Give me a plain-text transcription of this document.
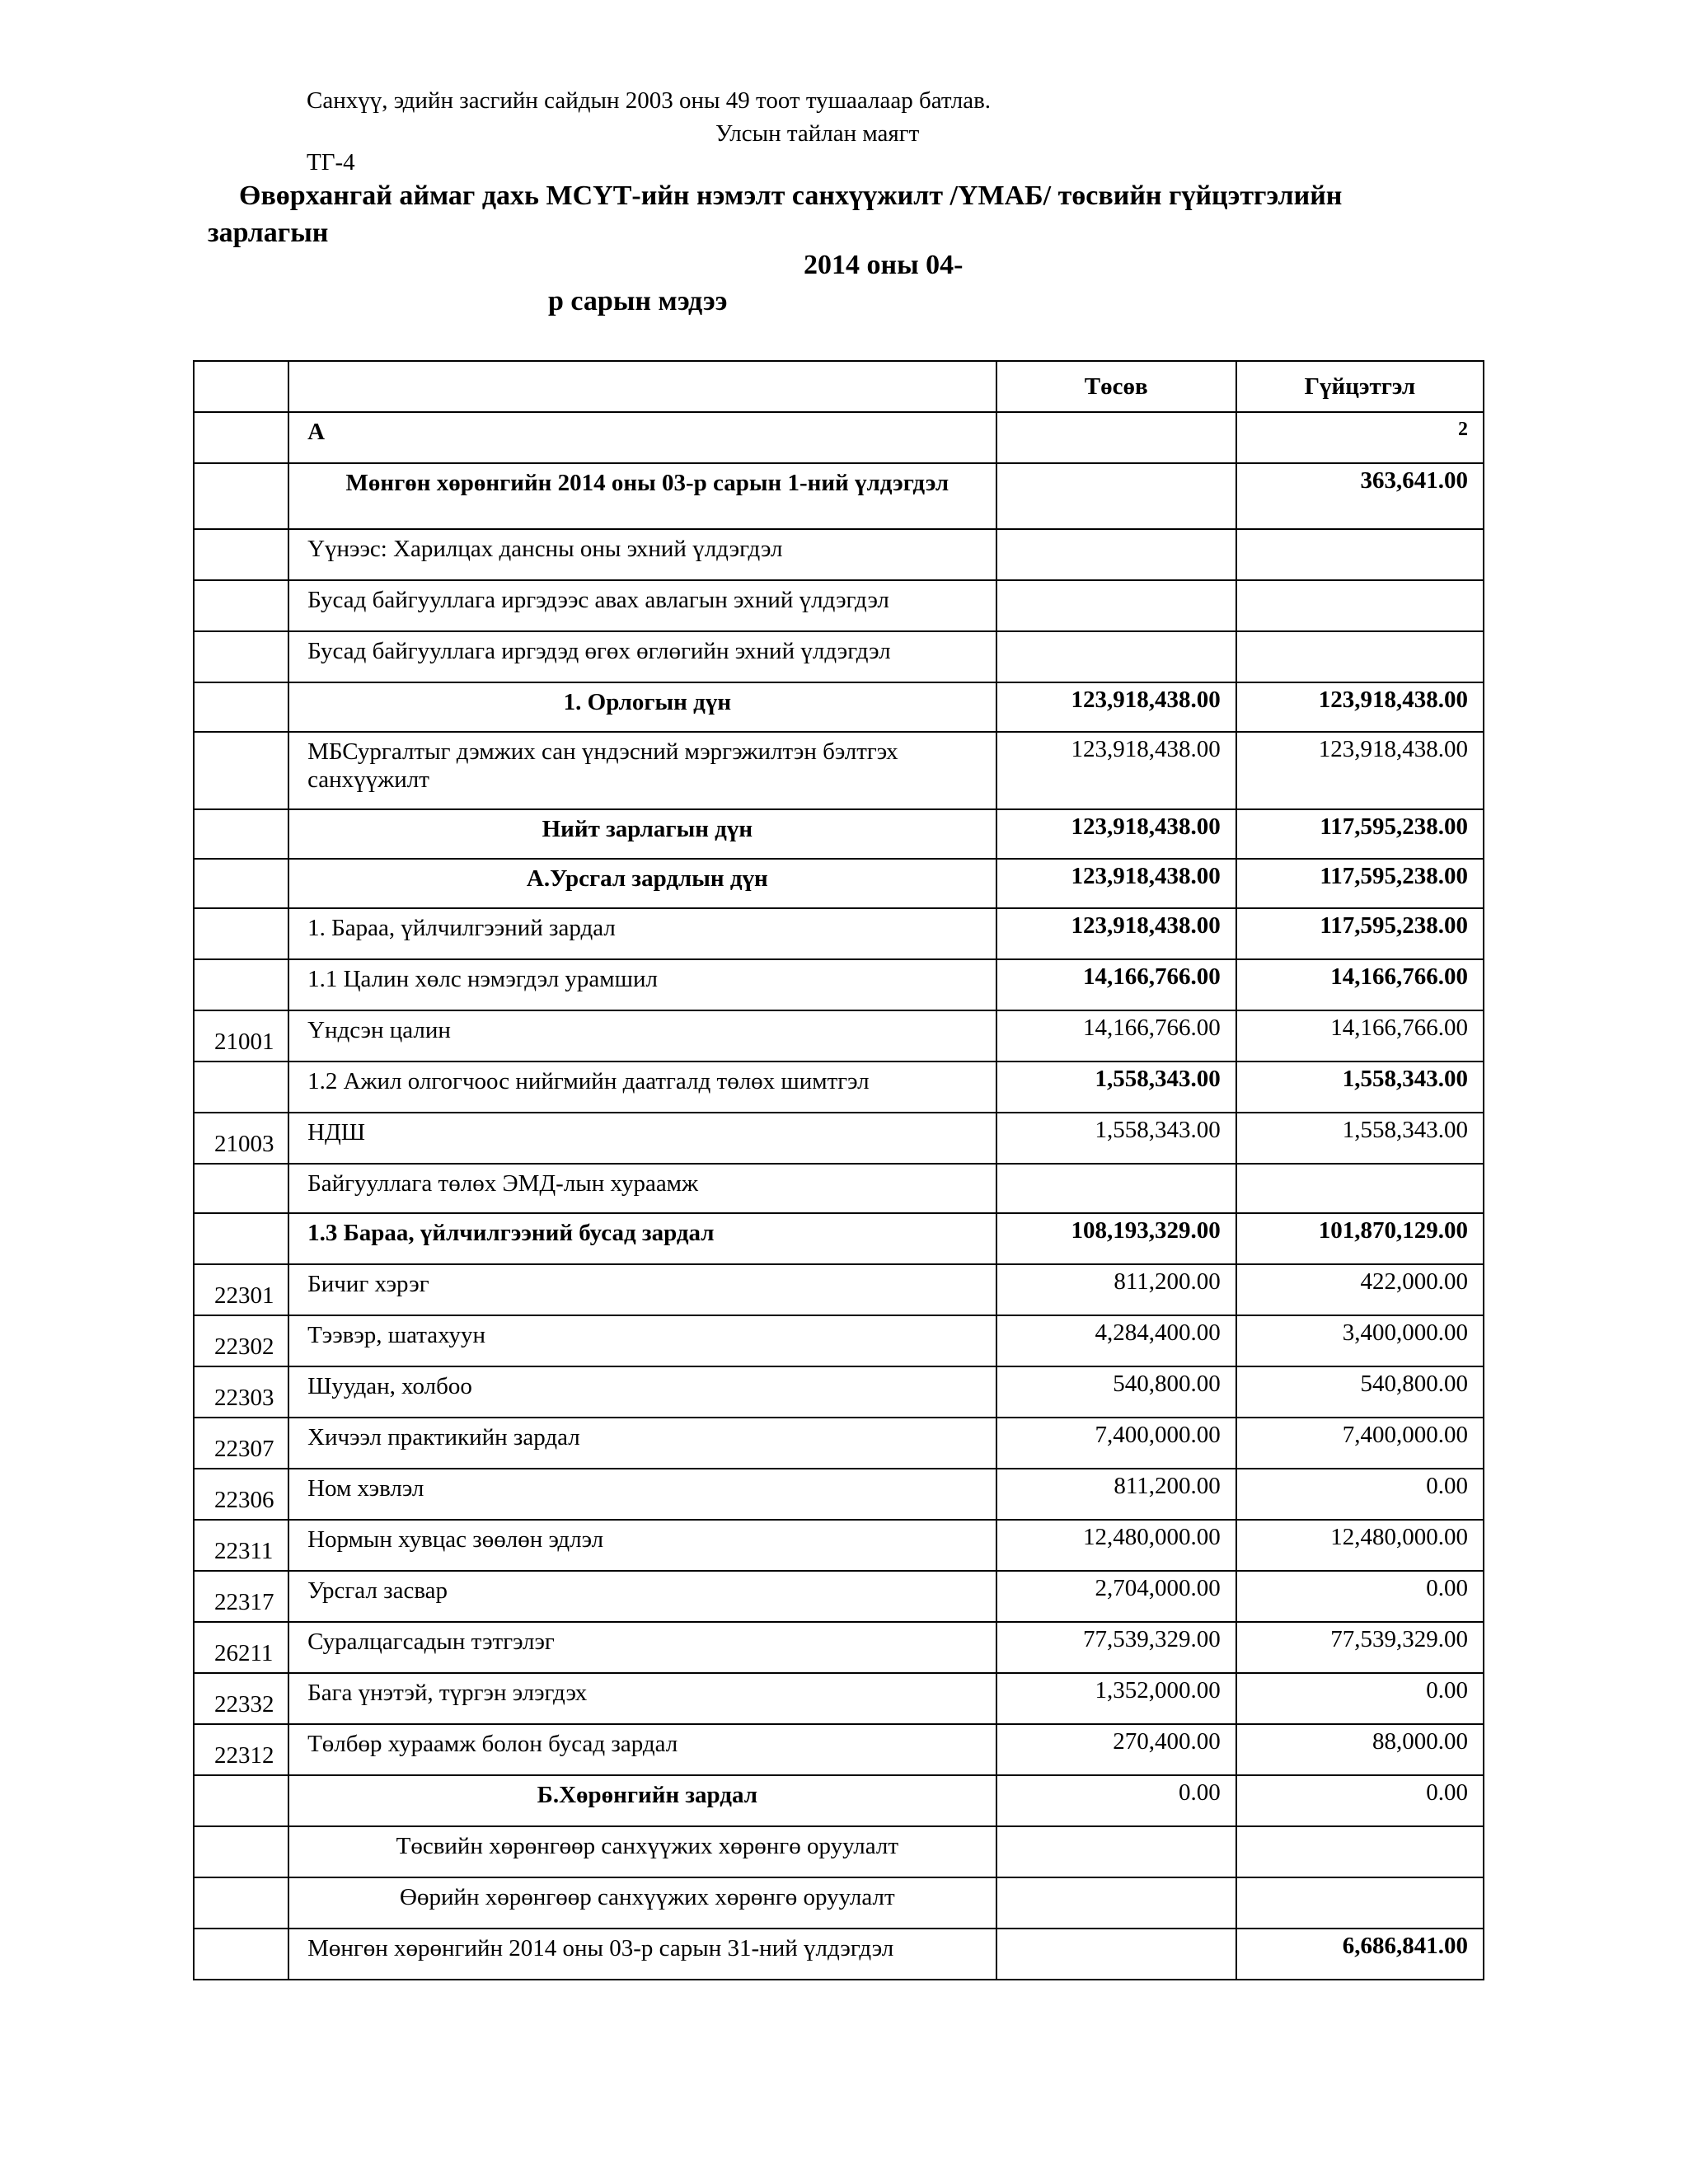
Санхүү, эдийн засгийн сайдын 2003 оны 49 тоот тушаалаар батлав.
Улсын тайлан маягт
ТГ-4
Өвөрхангай аймаг дахь МСҮТ-ийн нэмэлт санхүүжилт /ҮМАБ/ төсвийн гүйцэтгэлийн
зарлагын
2014 оны 04-
р сарын мэдээ
		Төсөв	Гүйцэтгэл
	А		2
	Мөнгөн хөрөнгийн 2014 оны 03-р сарын 1-ний үлдэгдэл		363,641.00
	Үүнээс: Харилцах дансны оны эхний үлдэгдэл		
	Бусад байгууллага иргэдээс авах авлагын эхний үлдэгдэл		
	Бусад байгууллага иргэдэд өгөх өглөгийн эхний үлдэгдэл		
	1. Орлогын дүн	123,918,438.00	123,918,438.00
	МБСургалтыг дэмжих сан үндэсний мэргэжилтэн бэлтгэх санхүүжилт	123,918,438.00	123,918,438.00
	Нийт зарлагын дүн	123,918,438.00	117,595,238.00
	А.Урсгал зардлын дүн	123,918,438.00	117,595,238.00
	1. Бараа, үйлчилгээний зардал	123,918,438.00	117,595,238.00
	1.1 Цалин хөлс нэмэгдэл урамшил	14,166,766.00	14,166,766.00
21001	Үндсэн цалин	14,166,766.00	14,166,766.00
	1.2 Ажил олгогчоос нийгмийн даатгалд төлөх шимтгэл	1,558,343.00	1,558,343.00
21003	НДШ	1,558,343.00	1,558,343.00
	Байгууллага төлөх ЭМД-лын хураамж		
	1.3 Бараа, үйлчилгээний бусад зардал	108,193,329.00	101,870,129.00
22301	Бичиг хэрэг	811,200.00	422,000.00
22302	Тээвэр, шатахуун	4,284,400.00	3,400,000.00
22303	Шуудан, холбоо	540,800.00	540,800.00
22307	Хичээл практикийн зардал	7,400,000.00	7,400,000.00
22306	Ном хэвлэл	811,200.00	0.00
22311	Нормын хувцас зөөлөн эдлэл	12,480,000.00	12,480,000.00
22317	Урсгал засвар	2,704,000.00	0.00
26211	Суралцагсадын тэтгэлэг	77,539,329.00	77,539,329.00
22332	Бага үнэтэй, түргэн элэгдэх	1,352,000.00	0.00
22312	Төлбөр хураамж болон бусад зардал	270,400.00	88,000.00
	Б.Хөрөнгийн зардал	0.00	0.00
	Төсвийн хөрөнгөөр санхүүжих хөрөнгө оруулалт		
	Өөрийн хөрөнгөөр санхүүжих хөрөнгө оруулалт		
	Мөнгөн хөрөнгийн 2014 оны 03-р сарын 31-ний үлдэгдэл		6,686,841.00
